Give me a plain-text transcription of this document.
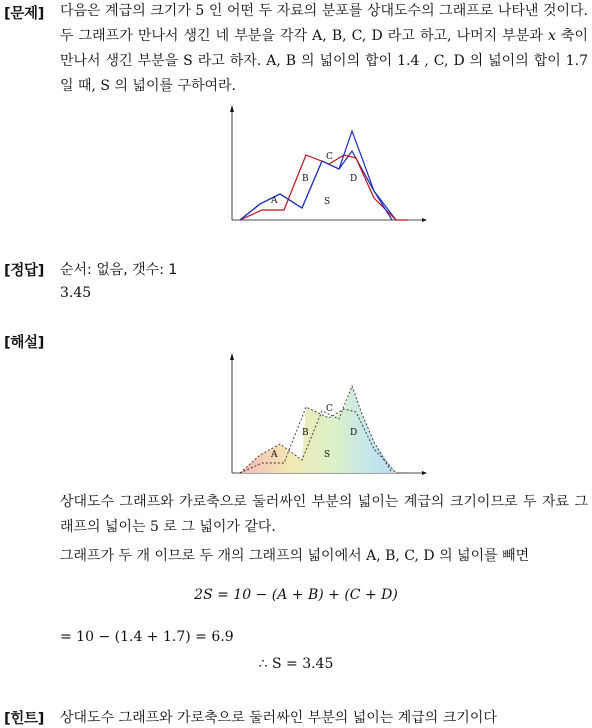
[문제] 다음은 계급의 크기가 5 인 어떤 두 자료의 분포를 상대도수의 그래프로 나타낸 것이다. 두 그래프가 만나서 생긴 네 부분을 각각 A, B, C, D 라고 하고, 나머지 부분과 x 축이 만나서 생긴 부분을 S 라고 하자. A, B 의 넓이의 합이 1.4 , C, D 의 넓이의 합이 1.7 일 때, S 의 넓이를 구하여라.
A
B
C
D
S
[정답] 순서: 없음, 갯수: 1
3.45
[해설]
A
B
C
D
S
상대도수 그래프와 가로축으로 둘러싸인 부분의 넓이는 계급의 크기이므로 두 자료 그래프의 넓이는 5 로 그 넓이가 같다.
그래프가 두 개 이므로 두 개의 그래프의 넓이에서 A, B, C, D 의 넓이를 빼면
2S = 10 − (A + B) + (C + D)
= 10 − (1.4 + 1.7) = 6.9
∴ S = 3.45
[힌트] 상대도수 그래프와 가로축으로 둘러싸인 부분의 넓이는 계급의 크기이다
